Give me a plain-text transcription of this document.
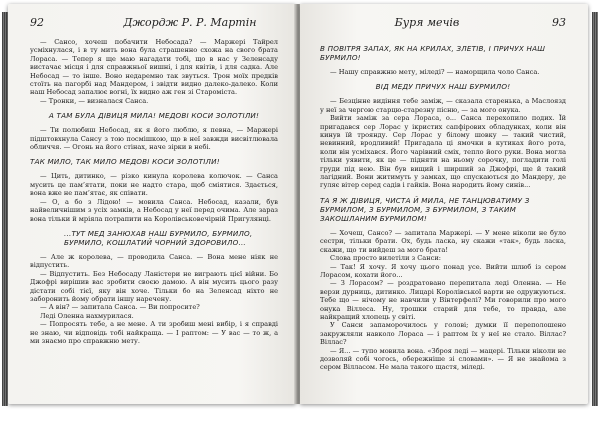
92	Джордж Р. Р. Мартін

— Сансо, хочеш побачити Небосада? — Маржері Тайрел усміхнулася, і в ту мить вона була страшенно схожа на свого брата Лораса. — Тепер я ще маю нагадати тобі, що в нас у Зеленсаду вистачає місця і для справжньої вишні, і для квітів, і для садка. Але Небосад — то інше. Воно недаремно так звуться. Трон моїх предків стоїть на пагорбі над Мандером, і звідти видно далеко-далеко. Коли наш Небосад запалює вогні, їх видно аж ген зі Староміста.

— Тронки, — визналася Санса.

А ТАМ БУЛА ДІВИЦЯ МИЛА! МЕДОВІ КОСИ ЗОЛОТІЛИ!

— Ти полюбиш Небосад, як я його люблю, я певна, — Маржері підштовхнула Сансу з тою посмішкою, що в неї завжди висвітлювала обличчя. — Огонь на його стінах, наче зірки в небі.

ТАК МИЛО, ТАК МИЛО МЕДОВІ КОСИ ЗОЛОТІЛИ!

— Цить, дитинко, — різко кинула королева колючок. — Санса мусить це пам’ятати, поки не надто стара, щоб сміятися. Здається, вона вже не пам’ятає, як співати.

— О, а бо з Лідою! — мовила Санса. Небосад, казали, був найвеличнішим з усіх замків, а Небосад у неї перед очима. Але зараз вона тільки й мріяла потрапити на Королівськовечірній Пригулянці.

...ТУТ МЕД ЗАНЮХАВ НАШ БУРМИЛО, БУРМИЛО, БУРМИЛО, КОШЛАТИЙ ЧОРНИЙ ЗДОРОВИЛО...

— Але ж королева, — проводила Санса. — Вона мене ніяк не відпустить.

— Відпустить. Без Небосаду Ланістери не виграють цієї війни. Бо Джофрі вирішив вас зробити своєю дамою. А він мусить цього разу дістати собі тієї, яку він хоче. Тільки бо на Зеленсад ніхто не заборонить йому обрати іншу наречену.

— А він? — запитала Санса. — Ви попросите?

Леді Оленна нахмурилася.

— Попросять тебе, а не мене. А ти зробиш мені вибір, і я справді не знаю, чи відповідь тобі найкраща. — І раптом: — У вас — то ж, а ми знаємо про справжню мету.

Буря мечів	93

В ПОВІТРЯ ЗАПАХ, ЯК НА КРИЛАХ, ЗЛЕТІВ, І ПРИЧУХ НАШ БУРМИЛО!

— Нашу справжню мету, міледі? — наморщила чоло Санса.

ВІД МЕДУ ПРИЧУХ НАШ БУРМИЛО!

— Безцінне видіння тебе заміж, — сказала старенька, а Маслоязд у неї за чергою старцю-старезну пісню, — за мого онука.

Вийти заміж за сера Лораса, о... Санса перехопило подих. Їй пригадався сер Лорас у ікристих сапфірових обладунках, коли він кинув їй троянду. Сер Лорас у білому шовку — такий чистий, невинний, вродливий! Пригадала ці ямочки в кутиках його рота, коли він усміхався. Його чарівний сміх, тепло його руки. Вона могла тільки уявити, як це — підняти на ньому сорочку, погладити голі груди під нею. Він був вищий і ширший за Джофрі, ще й такий лагідний. Вони житимуть у замках, що спускаються до Мандеру, де гуляє вітер серед садів і гайків. Вона народить йому синів...

ТА Я Ж ДІВИЦЯ, ЧИСТА Й МИЛА, НЕ ТАНЦЮВАТИМУ З БУРМИЛОМ, З БУРМИЛОМ, З БУРМИЛОМ, З ТАКИМ ЗАКОШЛАНИМ БУРМИЛОМ!

— Хочеш, Сансо? — запитала Маржері. — У мене ніколи не було сестри, тільки брати. Ох, будь ласка, ну скажи «так», будь ласка, скажи, що ти вийдеш за мого брата!

Слова просто вилетіли з Санси:

— Так! Я хочу. Я хочу цього понад усе. Вийти шлюб із сером Лорасом, кохати його...

— З Лорасом? — роздратовано перепитала леді Оленна. — Не верзи дурниць, дитинко. Лицарі Королівської варти не одружуються. Тебе що — нічому не навчили у Вінтерфелі? Ми говорили про мого онука Віллеса. Ну, трошки старий для тебе, то правда, але найкращий хлопець у світі.

У Санси запаморочилось у голові; думки її переполошено закружляли навколо Лораса — і раптом їх у неї не стало. Віллас? Віллас?

— Я... — тупо мовила вона. «Зброя леді — мацері. Тільки ніколи не дозволяй собі чогось, обережніше зі словами». — Я не знайома з сером Вілласом. Не мала такого щастя, міледі.
